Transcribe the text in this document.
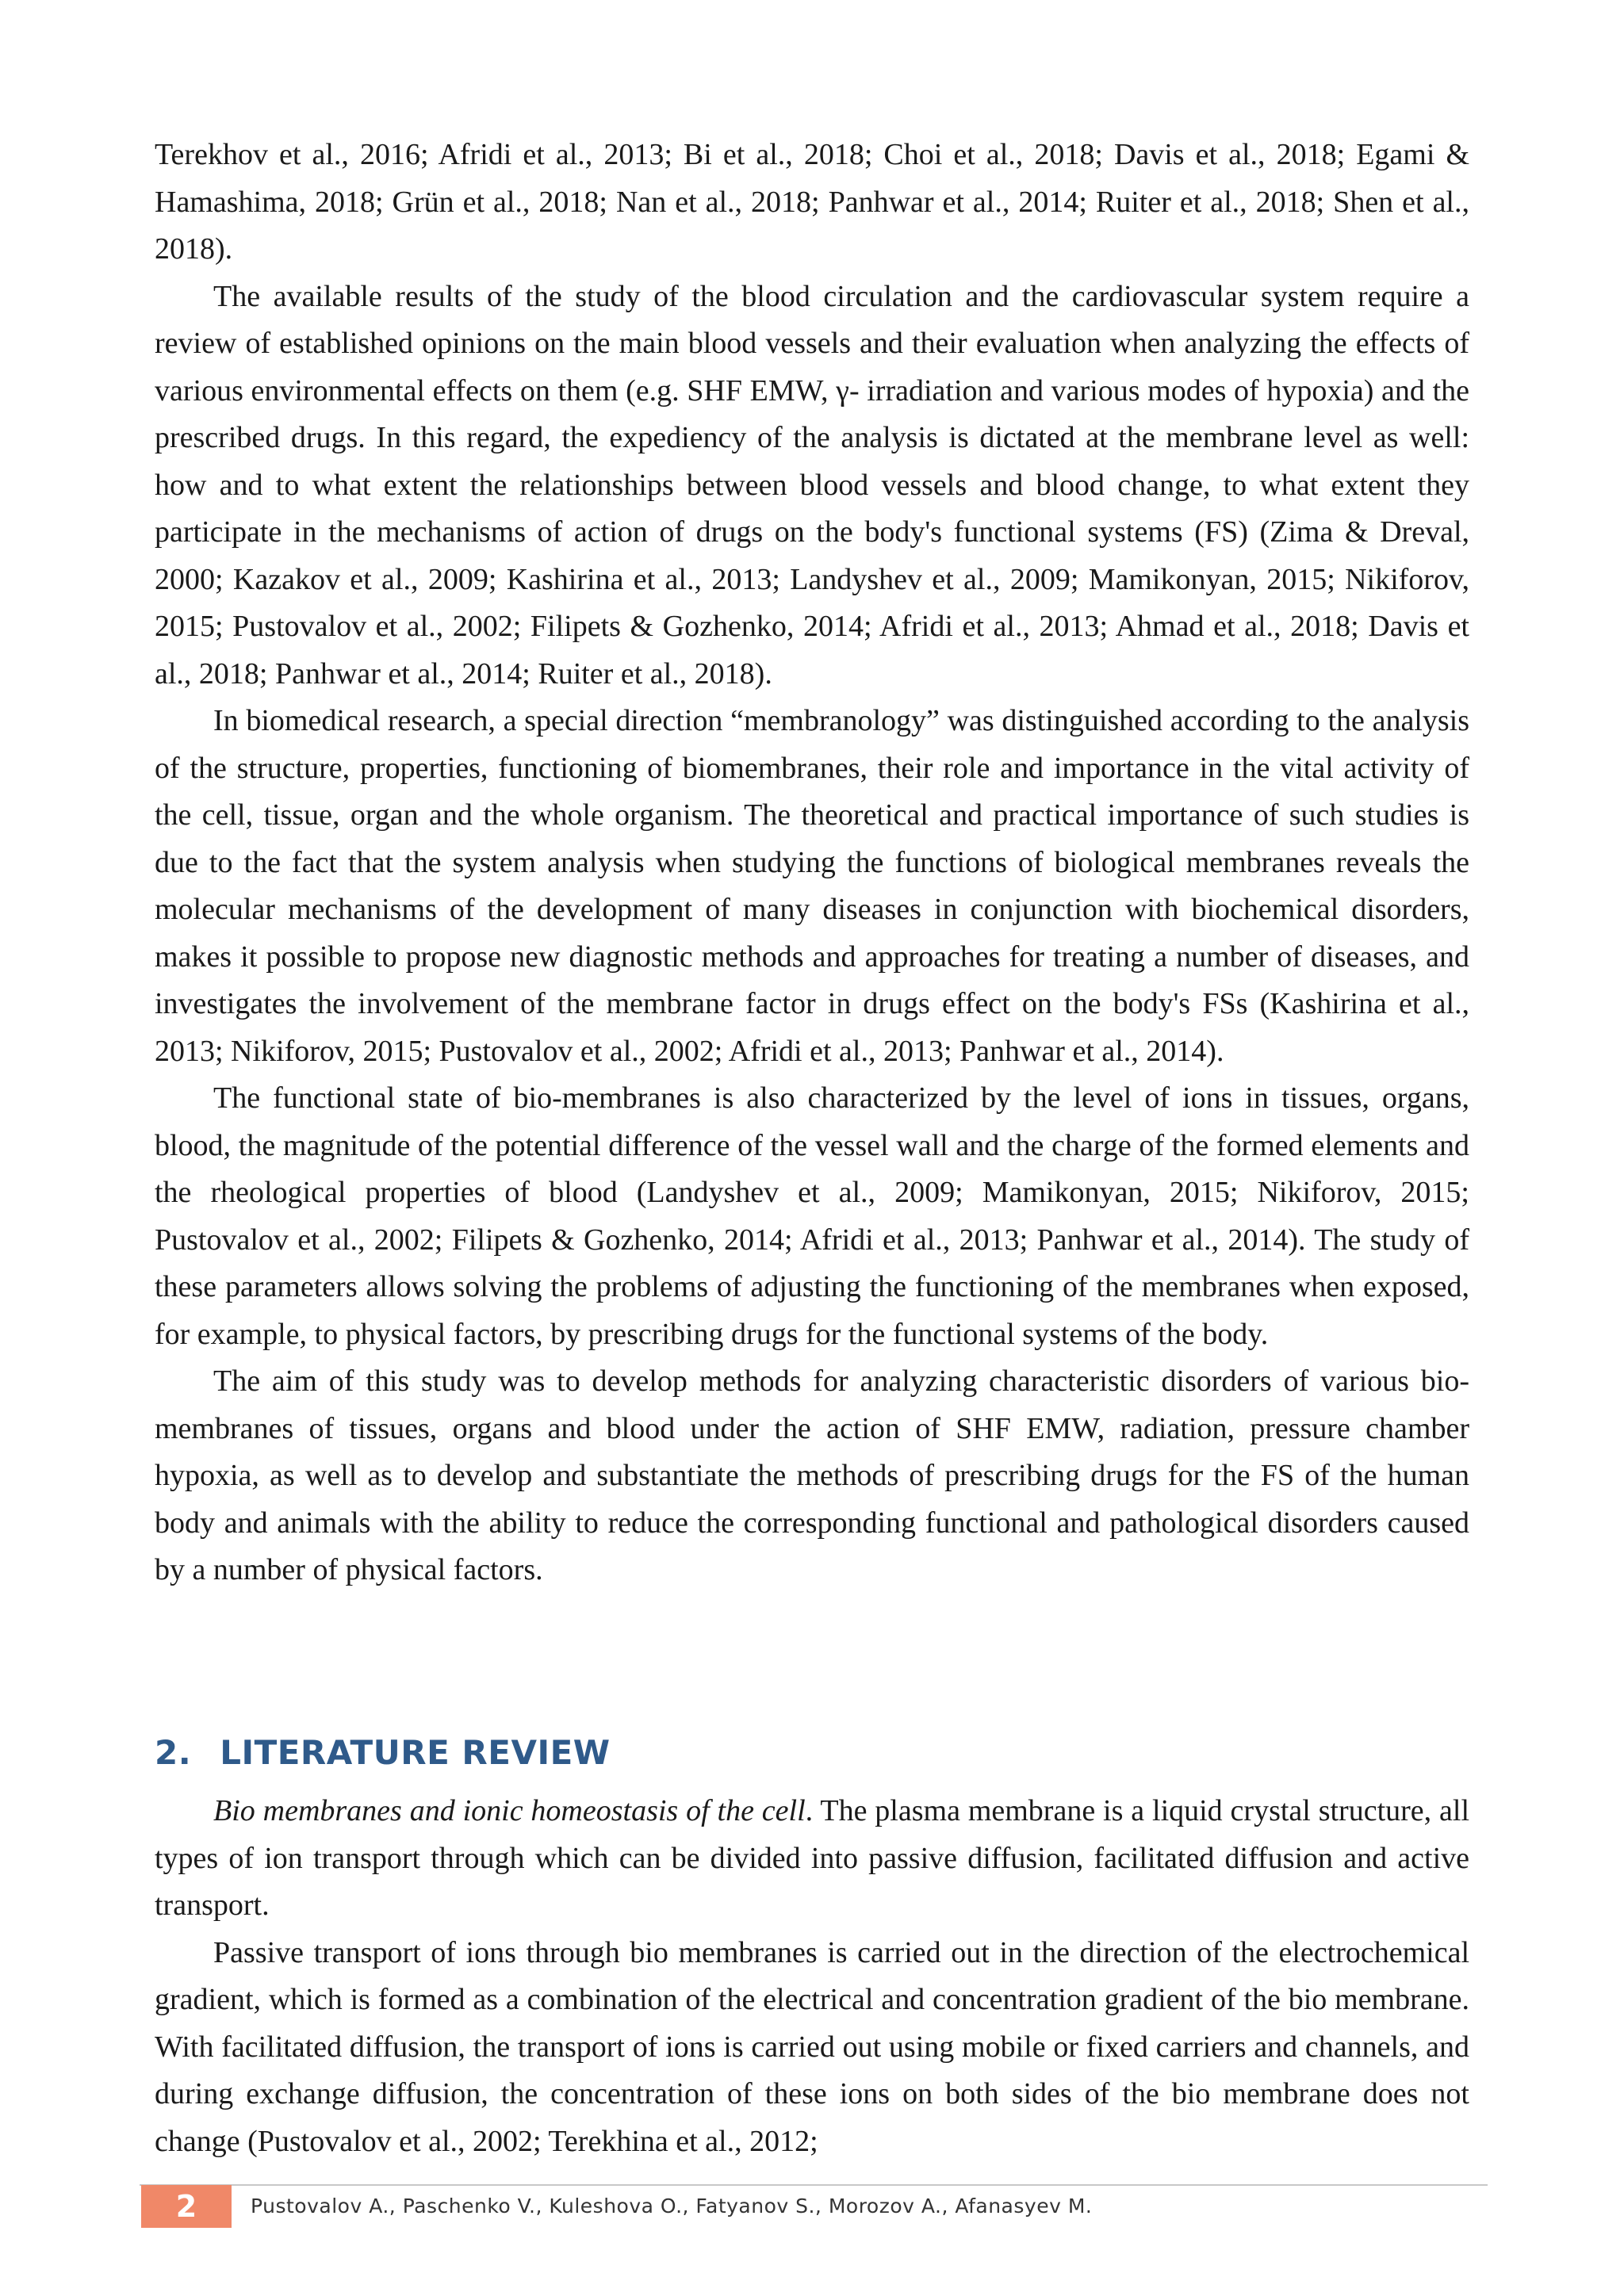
Terekhov et al., 2016; Afridi et al., 2013; Bi et al., 2018; Choi et al., 2018; Davis et al., 2018; Egami & Hamashima, 2018; Grün et al., 2018; Nan et al., 2018; Panhwar et al., 2014; Ruiter et al., 2018; Shen et al., 2018).

The available results of the study of the blood circulation and the cardiovascular system require a review of established opinions on the main blood vessels and their evaluation when analyzing the effects of various environmental effects on them (e.g. SHF EMW, γ- irradiation and various modes of hypoxia) and the prescribed drugs. In this regard, the expediency of the analysis is dictated at the membrane level as well: how and to what extent the relationships between blood vessels and blood change, to what extent they participate in the mechanisms of action of drugs on the body's functional systems (FS) (Zima & Dreval, 2000; Kazakov et al., 2009; Kashirina et al., 2013; Landyshev et al., 2009; Mamikonyan, 2015; Nikiforov, 2015; Pustovalov et al., 2002; Filipets & Gozhenko, 2014; Afridi et al., 2013; Ahmad et al., 2018; Davis et al., 2018; Panhwar et al., 2014; Ruiter et al., 2018).

In biomedical research, a special direction “membranology” was distinguished according to the analysis of the structure, properties, functioning of biomembranes, their role and importance in the vital activity of the cell, tissue, organ and the whole organism. The theoretical and practical importance of such studies is due to the fact that the system analysis when studying the functions of biological membranes reveals the molecular mechanisms of the development of many diseases in conjunction with biochemical disorders, makes it possible to propose new diagnostic methods and approaches for treating a number of diseases, and investigates the involvement of the membrane factor in drugs effect on the body's FSs (Kashirina et al., 2013; Nikiforov, 2015; Pustovalov et al., 2002; Afridi et al., 2013; Panhwar et al., 2014).

The functional state of bio-membranes is also characterized by the level of ions in tissues, organs, blood, the magnitude of the potential difference of the vessel wall and the charge of the formed elements and the rheological properties of blood (Landyshev et al., 2009; Mamikonyan, 2015; Nikiforov, 2015; Pustovalov et al., 2002; Filipets & Gozhenko, 2014; Afridi et al., 2013; Panhwar et al., 2014). The study of these parameters allows solving the problems of adjusting the functioning of the membranes when exposed, for example, to physical factors, by prescribing drugs for the functional systems of the body.

The aim of this study was to develop methods for analyzing characteristic disorders of various bio-membranes of tissues, organs and blood under the action of SHF EMW, radiation, pressure chamber hypoxia, as well as to develop and substantiate the methods of prescribing drugs for the FS of the human body and animals with the ability to reduce the corresponding functional and pathological disorders caused by a number of physical factors.

2. LITERATURE REVIEW

Bio membranes and ionic homeostasis of the cell. The plasma membrane is a liquid crystal structure, all types of ion transport through which can be divided into passive diffusion, facilitated diffusion and active transport.

Passive transport of ions through bio membranes is carried out in the direction of the electrochemical gradient, which is formed as a combination of the electrical and concentration gradient of the bio membrane. With facilitated diffusion, the transport of ions is carried out using mobile or fixed carriers and channels, and during exchange diffusion, the concentration of these ions on both sides of the bio membrane does not change (Pustovalov et al., 2002; Terekhina et al., 2012;

2	Pustovalov A., Paschenko V., Kuleshova O., Fatyanov S., Morozov A., Afanasyev M.
